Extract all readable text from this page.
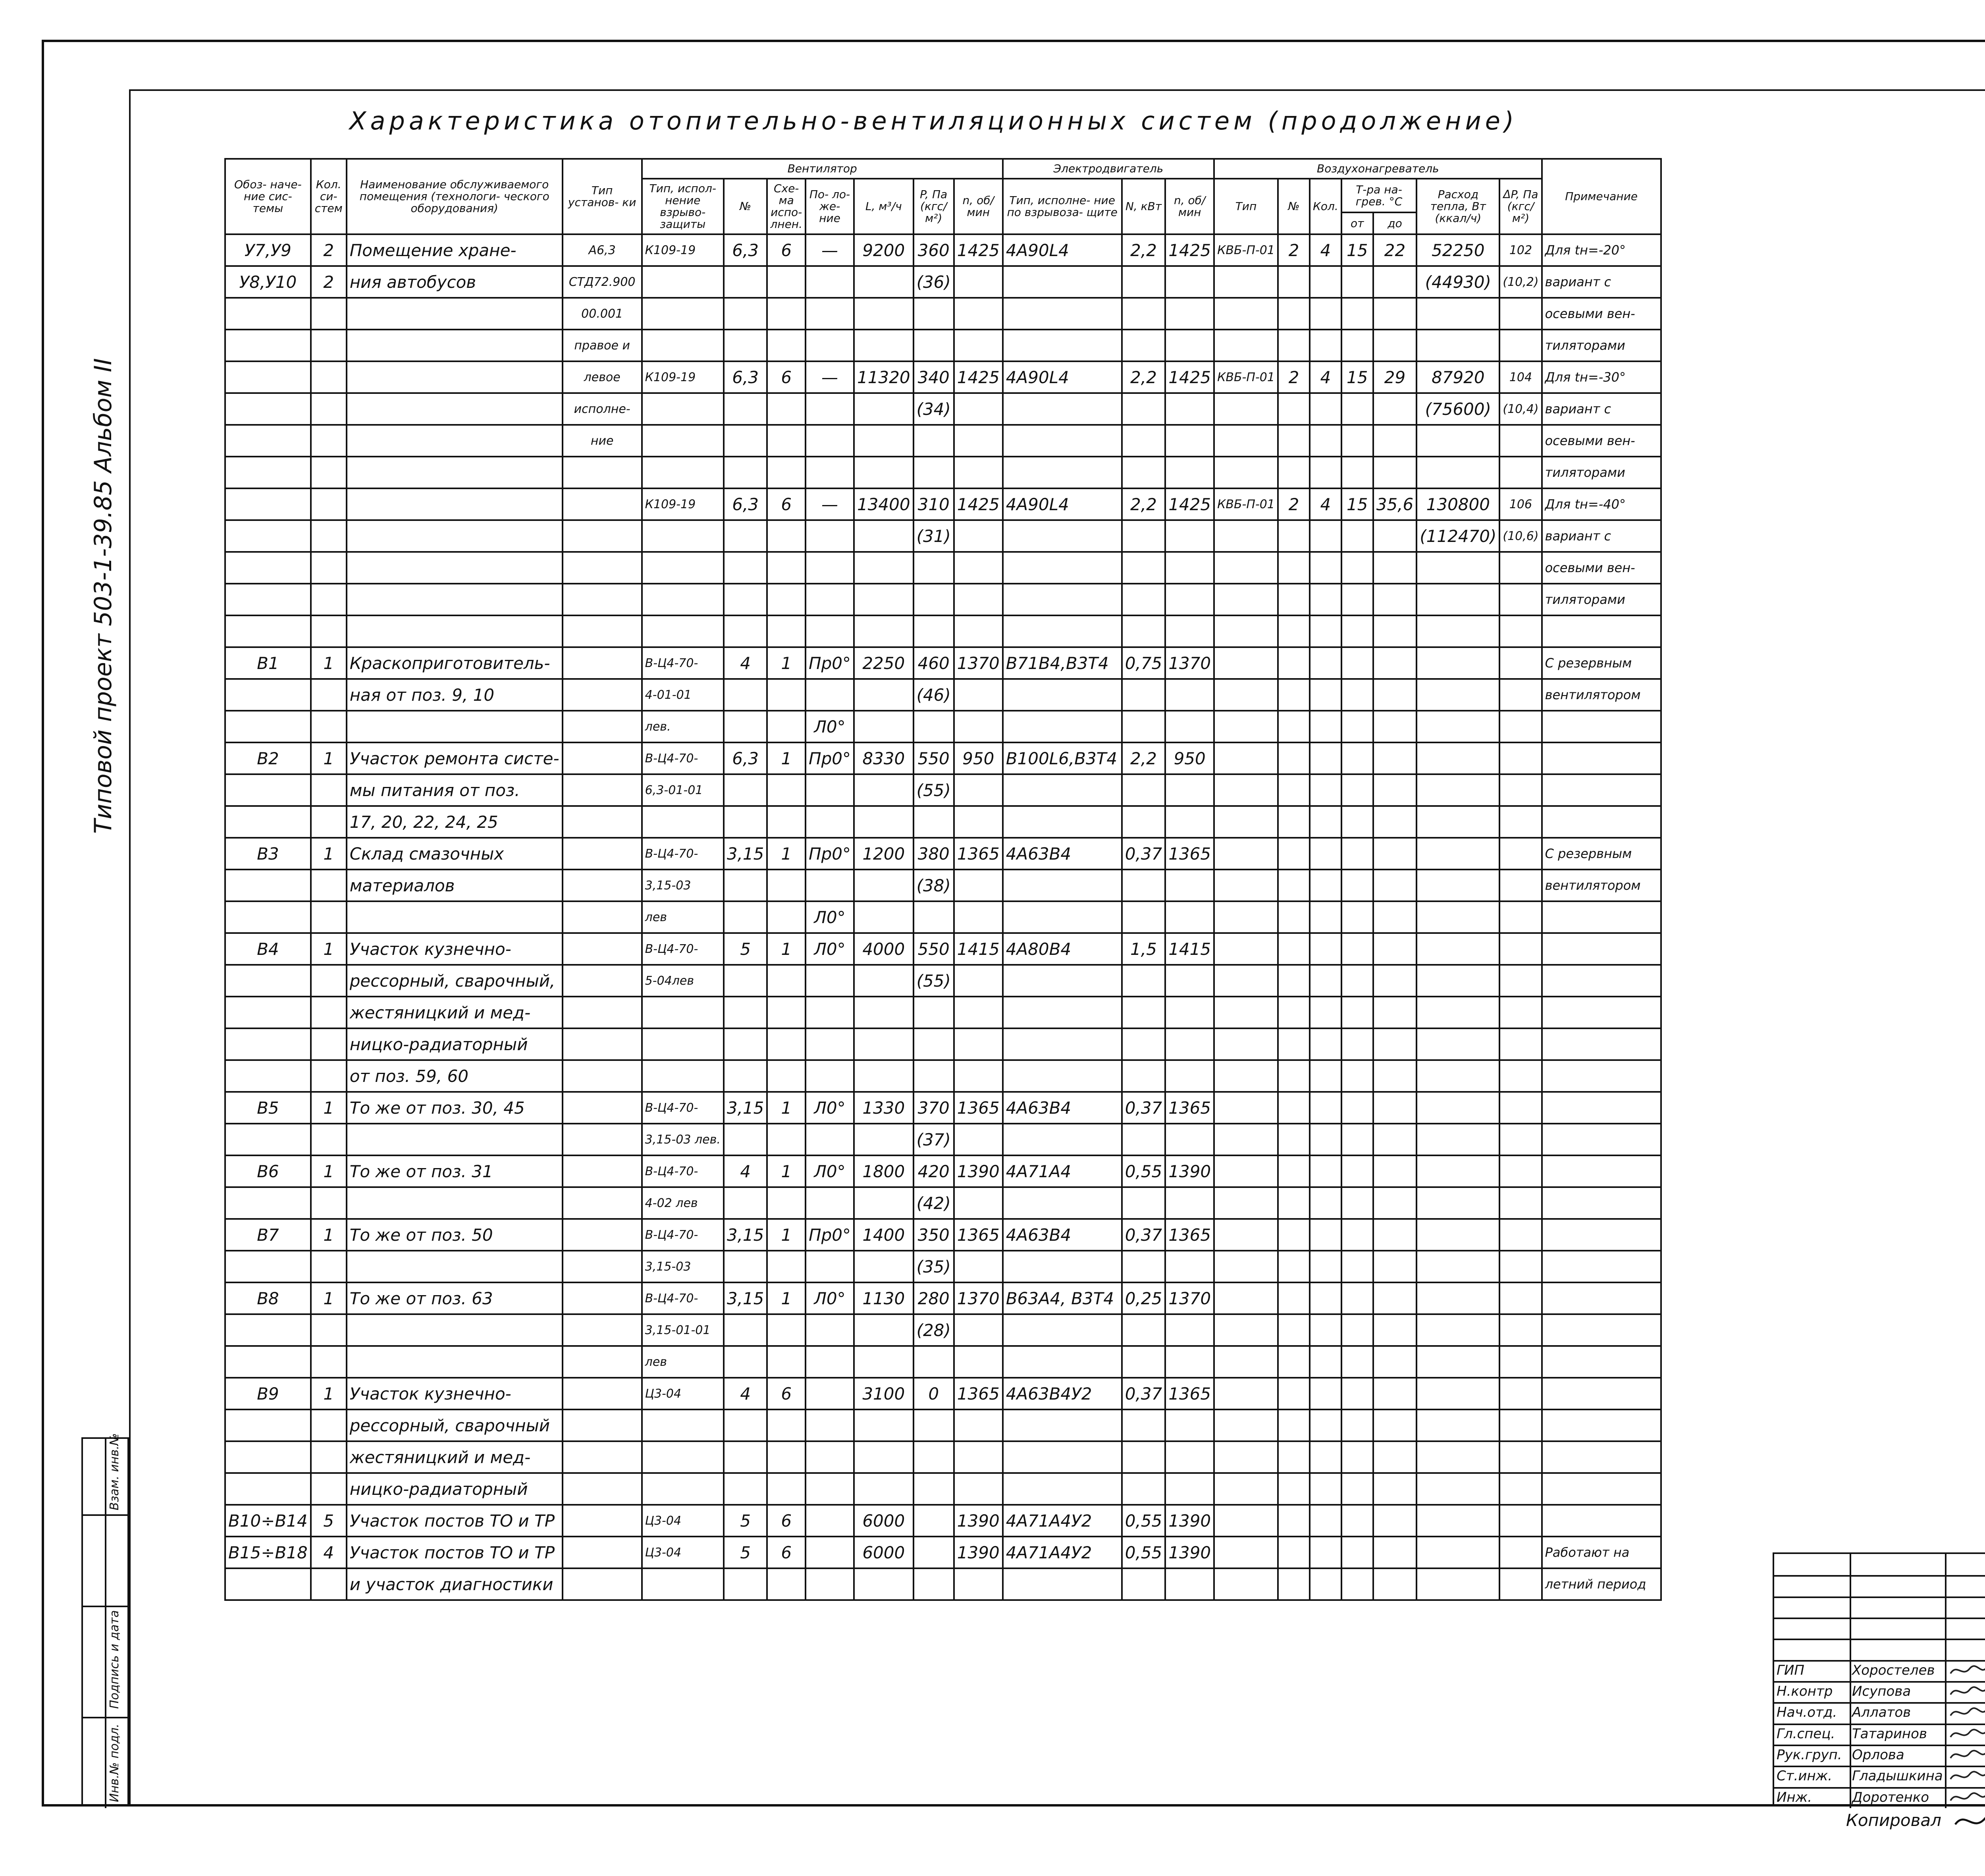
Характеристика отопительно-вентиляционных систем (продолжение)
Типовой проект 503-1-39.85 Альбом II
Взам. инв.№
Подпись и дата
Инв.№ подл.
Обоз- наче- ние сис- темы	Кол. си- стем	Наименование обслуживаемого помещения (технологи- ческого оборудования)	Тип установ- ки	Вентилятор							Электродвигатель			Воздухонагреватель							Примечание
				Тип, испол- нение взрыво- защиты	№	Схе- ма испо- лнен.	По- ло- же- ние	L, м³/ч	P, Па (кгс/м²)	n, об/ мин	Тип, исполне- ние по взрывоза- щите	N, кВт	n, об/ мин	Тип	№	Кол.	Т-ра на- грев. °С		Расход тепла, Вт (ккал/ч)	ΔP, Па (кгс/м²)	
																	от	до			
У7,У9	2	Помещение хране-	А6,3	К109-19	6,3	6	—	9200	360	1425	4А90L4	2,2	1425	КВБ-П-01	2	4	15	22	52250	102	Для tн=-20°
У8,У10	2	ния автобусов	СТД72.900						(36)										(44930)	(10,2)	вариант с
			00.001																		осевыми вен-
			правое и																		тиляторами
			левое	К109-19	6,3	6	—	11320	340	1425	4А90L4	2,2	1425	КВБ-П-01	2	4	15	29	87920	104	Для tн=-30°
			исполне-						(34)										(75600)	(10,4)	вариант с
			ние																		осевыми вен-
																					тиляторами
				К109-19	6,3	6	—	13400	310	1425	4А90L4	2,2	1425	КВБ-П-01	2	4	15	35,6	130800	106	Для tн=-40°
									(31)										(112470)	(10,6)	вариант с
																					осевыми вен-
																					тиляторами

В1	1	Краскоприготовитель-		В-Ц4-70-	4	1	Пр0°	2250	460	1370	В71В4,В3Т4	0,75	1370								С резервным
		ная от поз. 9, 10		4-01-01					(46)												вентилятором
				лев.			Л0°														
В2	1	Участок ремонта систе-		В-Ц4-70-	6,3	1	Пр0°	8330	550	950	В100L6,В3Т4	2,2	950								
		мы питания от поз.		6,3-01-01					(55)												
		17, 20, 22, 24, 25																			
В3	1	Склад смазочных		В-Ц4-70-	3,15	1	Пр0°	1200	380	1365	4А63В4	0,37	1365								С резервным
		материалов		3,15-03					(38)												вентилятором
				лев			Л0°														
В4	1	Участок кузнечно-		В-Ц4-70-	5	1	Л0°	4000	550	1415	4А80В4	1,5	1415								
		рессорный, сварочный,		5-04лев					(55)												
		жестяницкий и мед-																			
		ницко-радиаторный																			
		от поз. 59, 60																			
В5	1	То же от поз. 30, 45		В-Ц4-70-	3,15	1	Л0°	1330	370	1365	4А63В4	0,37	1365								
				3,15-03 лев.					(37)												
В6	1	То же от поз. 31		В-Ц4-70-	4	1	Л0°	1800	420	1390	4А71А4	0,55	1390								
				4-02 лев					(42)												
В7	1	То же от поз. 50		В-Ц4-70-	3,15	1	Пр0°	1400	350	1365	4А63В4	0,37	1365								
				3,15-03					(35)												
В8	1	То же от поз. 63		В-Ц4-70-	3,15	1	Л0°	1130	280	1370	В63А4, В3Т4	0,25	1370								
				3,15-01-01					(28)												
				лев																	
В9	1	Участок кузнечно-		Ц3-04	4	6		3100	0	1365	4А63В4У2	0,37	1365								
		рессорный, сварочный																			
		жестяницкий и мед-																			
		ницко-радиаторный																			
В10÷В14	5	Участок постов ТО и ТР		Ц3-04	5	6		6000		1390	4А71А4У2	0,55	1390								
В15÷В18	4	Участок постов ТО и ТР		Ц3-04	5	6		6000		1390	4А71А4У2	0,55	1390								Работают на
		и участок диагностики																			летний период
ГИП	Хоростелев
Н.контр Исупова
Нач.отд. Аллатов
Гл.спец. Татаринов
Рук.груп. Орлова
Ст.инж. Гладышкина
Инж.	Доротенко
Копировал
